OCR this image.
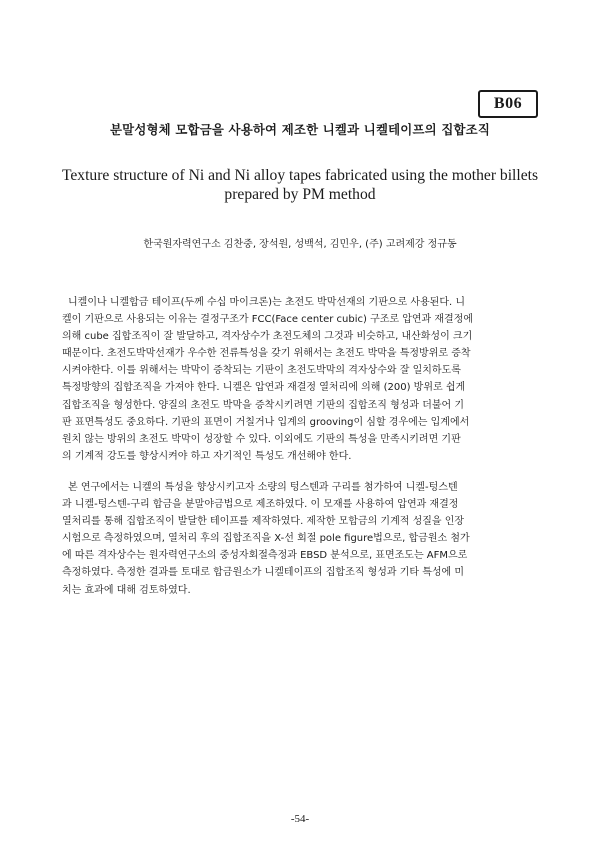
B06
분말성형체 모합금을 사용하여 제조한 니켈과 니켈테이프의 집합조직
Texture structure of Ni and Ni alloy tapes fabricated using the mother billets
prepared by PM method
한국원자력연구소 김찬중, 장석원, 성백석, 김민우, (주) 고려제강 정규동
니켈이나 니켈합금 테이프(두께 수십 마이크론)는 초전도 박막선재의 기판으로 사용된다. 니
켈이 기판으로 사용되는 이유는 결정구조가 FCC(Face center cubic) 구조로 압연과 재결정에
의해 cube 집합조직이 잘 발달하고, 격자상수가 초전도체의 그것과 비슷하고, 내산화성이 크기
때문이다. 초전도박막선재가 우수한 전류특성을 갖기 위해서는 초전도 박막을 특정방위로 증착
시켜야한다. 이를 위해서는 박막이 증착되는 기판이 초전도박막의 격자상수와 잘 일치하도록
특정방향의 집합조직을 가져야 한다. 니켈은 압연과 재결정 열처리에 의해 (200) 방위로 쉽게
집합조직을 형성한다. 양질의 초전도 박막을 증착시키려면 기판의 집합조직 형성과 더불어 기
판 표면특성도 중요하다. 기판의 표면이 거칠거나 입계의 grooving이 심할 경우에는 입계에서
원치 않는 방위의 초전도 박막이 성장할 수 있다. 이외에도 기판의 특성을 만족시키려면 기판
의 기계적 강도를 향상시켜야 하고 자기적인 특성도 개선해야 한다.
본 연구에서는 니켈의 특성을 향상시키고자 소량의 텅스텐과 구리를 첨가하여 니켈-텅스텐
과 니켈-텅스텐-구리 합금을 분말야금법으로 제조하였다. 이 모재를 사용하여 압연과 재결정
열처리를 통해 집합조직이 발달한 테이프를 제작하였다. 제작한 모합금의 기계적 성질을 인장
시험으로 측정하였으며, 열처리 후의 집합조직을 X-선 회절 pole figure법으로, 합금원소 첨가
에 따른 격자상수는 원자력연구소의 중성자회절측정과 EBSD 분석으로, 표면조도는 AFM으로
측정하였다. 측정한 결과를 토대로 합금원소가 니켈테이프의 집합조직 형성과 기타 특성에 미
치는 효과에 대해 검토하였다.
-54-
